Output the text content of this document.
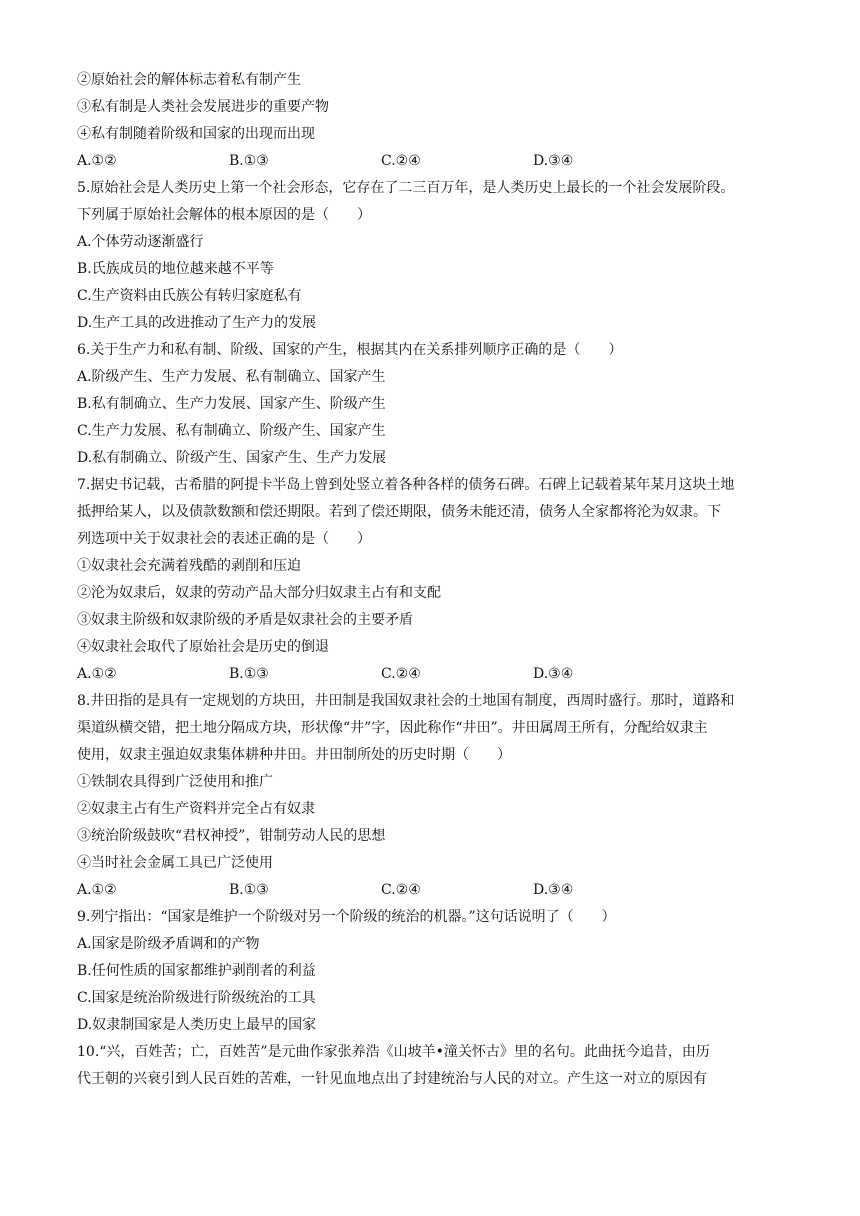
②原始社会的解体标志着私有制产生
③私有制是人类社会发展进步的重要产物
④私有制随着阶级和国家的出现而出现
A.①②	B.①③	C.②④	D.③④
5.原始社会是人类历史上第一个社会形态，它存在了二三百万年，是人类历史上最长的一个社会发展阶段。
下列属于原始社会解体的根本原因的是（　　）
A.个体劳动逐渐盛行
B.氏族成员的地位越来越不平等
C.生产资料由氏族公有转归家庭私有
D.生产工具的改进推动了生产力的发展
6.关于生产力和私有制、阶级、国家的产生，根据其内在关系排列顺序正确的是（　　）
A.阶级产生、生产力发展、私有制确立、国家产生
B.私有制确立、生产力发展、国家产生、阶级产生
C.生产力发展、私有制确立、阶级产生、国家产生
D.私有制确立、阶级产生、国家产生、生产力发展
7.据史书记载，古希腊的阿提卡半岛上曾到处竖立着各种各样的债务石碑。石碑上记载着某年某月这块土地
抵押给某人，以及债款数额和偿还期限。若到了偿还期限，债务未能还清，债务人全家都将沦为奴隶。下
列选项中关于奴隶社会的表述正确的是（　　）
①奴隶社会充满着残酷的剥削和压迫
②沦为奴隶后，奴隶的劳动产品大部分归奴隶主占有和支配
③奴隶主阶级和奴隶阶级的矛盾是奴隶社会的主要矛盾
④奴隶社会取代了原始社会是历史的倒退
A.①②	B.①③	C.②④	D.③④
8.井田指的是具有一定规划的方块田，井田制是我国奴隶社会的土地国有制度，西周时盛行。那时，道路和
渠道纵横交错，把土地分隔成方块，形状像“井”字，因此称作“井田”。井田属周王所有，分配给奴隶主
使用，奴隶主强迫奴隶集体耕种井田。井田制所处的历史时期（　　）
①铁制农具得到广泛使用和推广
②奴隶主占有生产资料并完全占有奴隶
③统治阶级鼓吹“君权神授”，钳制劳动人民的思想
④当时社会金属工具已广泛使用
A.①②	B.①③	C.②④	D.③④
9.列宁指出：“国家是维护一个阶级对另一个阶级的统治的机器。”这句话说明了（　　）
A.国家是阶级矛盾调和的产物
B.任何性质的国家都维护剥削者的利益
C.国家是统治阶级进行阶级统治的工具
D.奴隶制国家是人类历史上最早的国家
10.“兴，百姓苦；亡，百姓苦”是元曲作家张养浩《山坡羊•潼关怀古》里的名句。此曲抚今追昔，由历
代王朝的兴衰引到人民百姓的苦难，一针见血地点出了封建统治与人民的对立。产生这一对立的原因有
